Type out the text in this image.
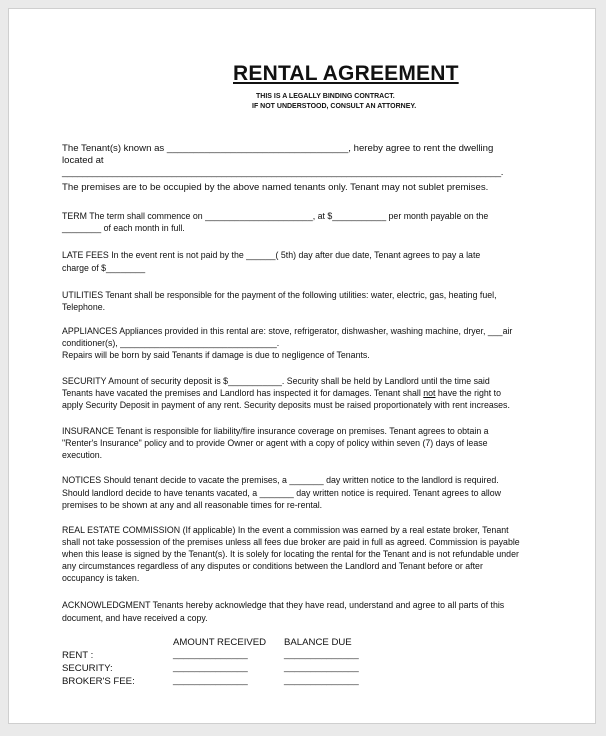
RENTAL AGREEMENT
THIS IS A LEGALLY BINDING CONTRACT.
IF NOT UNDERSTOOD, CONSULT AN ATTORNEY.
The Tenant(s) known as __________________________________, hereby agree to rent the dwelling
located at
________________________________________________________________________________________.
The premises are to be occupied by the above named tenants only. Tenant may not sublet premises.
TERM The term shall commence on ______________________, at $___________ per month payable on the
________ of each month in full.
LATE FEES In the event rent is not paid by the ______( 5th) day after due date, Tenant agrees to pay a late
charge of $________
UTILITIES Tenant shall be responsible for the payment of the following utilities: water, electric, gas, heating fuel,
Telephone.
APPLIANCES Appliances provided in this rental are: stove, refrigerator, dishwasher, washing machine, dryer, ___air
conditioner(s), ________________________________.
Repairs will be born by said Tenants if damage is due to negligence of Tenants.
SECURITY Amount of security deposit is $___________. Security shall be held by Landlord until the time said
Tenants have vacated the premises and Landlord has inspected it for damages. Tenant shall not have the right to
apply Security Deposit in payment of any rent. Security deposits must be raised proportionately with rent increases.
INSURANCE Tenant is responsible for liability/fire insurance coverage on premises. Tenant agrees to obtain a
"Renter's Insurance" policy and to provide Owner or agent with a copy of policy within seven (7) days of lease
execution.
NOTICES Should tenant decide to vacate the premises, a _______ day written notice to the landlord is required.
Should landlord decide to have tenants vacated, a _______ day written notice is required. Tenant agrees to allow
premises to be shown at any and all reasonable times for re-rental.
REAL ESTATE COMMISSION (If applicable) In the event a commission was earned by a real estate broker, Tenant
shall not take possession of the premises unless all fees due broker are paid in full as agreed. Commission is payable
when this lease is signed by the Tenant(s). It is solely for locating the rental for the Tenant and is not refundable under
any circumstances regardless of any disputes or conditions between the Landlord and Tenant before or after
occupancy is taken.
ACKNOWLEDGMENT Tenants hereby acknowledge that they have read, understand and agree to all parts of this
document, and have received a copy.
AMOUNT RECEIVED BALANCE DUE
RENT :	______________	______________
SECURITY:	______________	______________
BROKER'S FEE:	______________	______________
